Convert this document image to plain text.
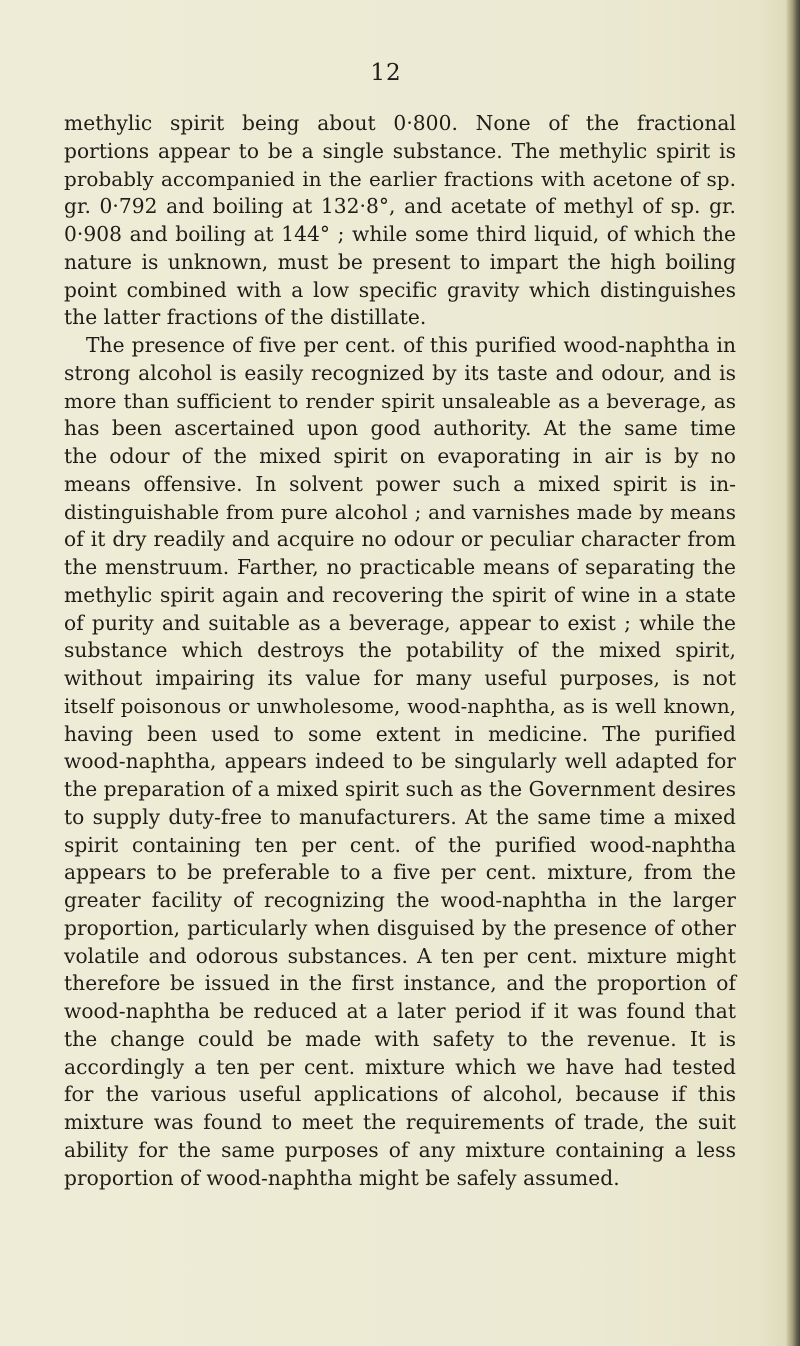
12
methylic spirit being about 0·800. None of the fractional
portions appear to be a single substance. The methylic spirit is
probably accompanied in the earlier fractions with acetone of sp.
gr. 0·792 and boiling at 132·8°, and acetate of methyl of sp. gr.
0·908 and boiling at 144° ; while some third liquid, of which the
nature is unknown, must be present to impart the high boiling
point combined with a low specific gravity which distinguishes
the latter fractions of the distillate.
The presence of five per cent. of this purified wood-naphtha in
strong alcohol is easily recognized by its taste and odour, and is
more than sufficient to render spirit unsaleable as a beverage, as
has been ascertained upon good authority. At the same time
the odour of the mixed spirit on evaporating in air is by no
means offensive. In solvent power such a mixed spirit is in-
distinguishable from pure alcohol ; and varnishes made by means
of it dry readily and acquire no odour or peculiar character from
the menstruum. Farther, no practicable means of separating the
methylic spirit again and recovering the spirit of wine in a state
of purity and suitable as a beverage, appear to exist ; while the
substance which destroys the potability of the mixed spirit,
without impairing its value for many useful purposes, is not
itself poisonous or unwholesome, wood-naphtha, as is well known,
having been used to some extent in medicine. The purified
wood-naphtha, appears indeed to be singularly well adapted for
the preparation of a mixed spirit such as the Government desires
to supply duty-free to manufacturers. At the same time a mixed
spirit containing ten per cent. of the purified wood-naphtha
appears to be preferable to a five per cent. mixture, from the
greater facility of recognizing the wood-naphtha in the larger
proportion, particularly when disguised by the presence of other
volatile and odorous substances. A ten per cent. mixture might
therefore be issued in the first instance, and the proportion of
wood-naphtha be reduced at a later period if it was found that
the change could be made with safety to the revenue. It is
accordingly a ten per cent. mixture which we have had tested
for the various useful applications of alcohol, because if this
mixture was found to meet the requirements of trade, the suit
ability for the same purposes of any mixture containing a less
proportion of wood-naphtha might be safely assumed.
